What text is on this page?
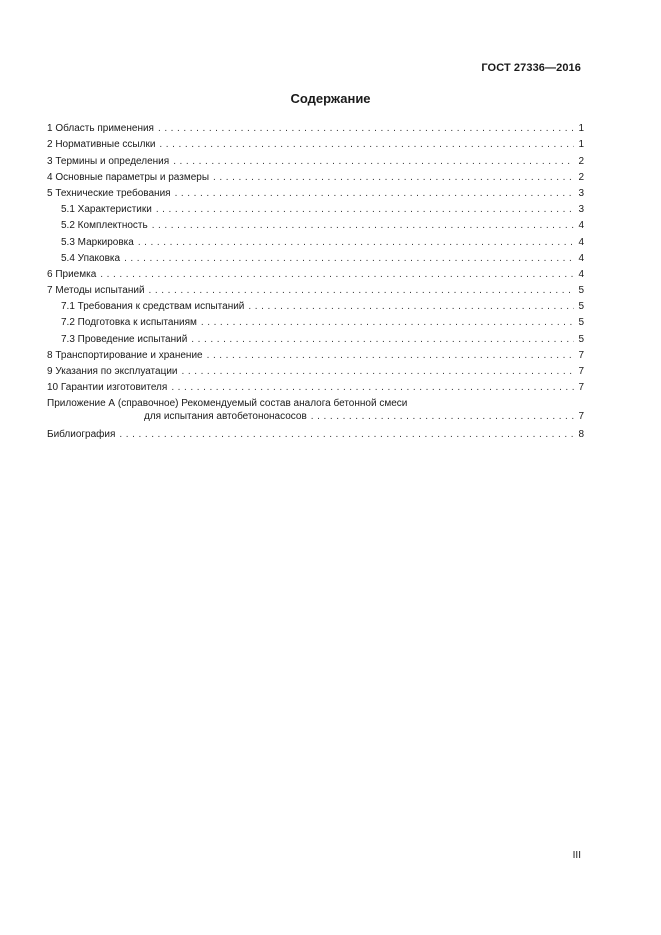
ГОСТ 27336—2016
Содержание
1 Область применения . . .	1
2 Нормативные ссылки . . .	1
3 Термины и определения . . .	2
4 Основные параметры и размеры . . .	2
5 Технические требования . . .	3
5.1 Характеристики . . .	3
5.2 Комплектность . . .	4
5.3 Маркировка . . .	4
5.4 Упаковка . . .	4
6 Приемка . . .	4
7 Методы испытаний . . .	5
7.1 Требования к средствам испытаний . . .	5
7.2 Подготовка к испытаниям . . .	5
7.3 Проведение испытаний . . .	5
8 Транспортирование и хранение . . .	7
9 Указания по эксплуатации . . .	7
10 Гарантии изготовителя . . .	7
Приложение А (справочное) Рекомендуемый состав аналога бетонной смеси
для испытания автобетононасосов . . .	7
Библиография . . .	8
III
